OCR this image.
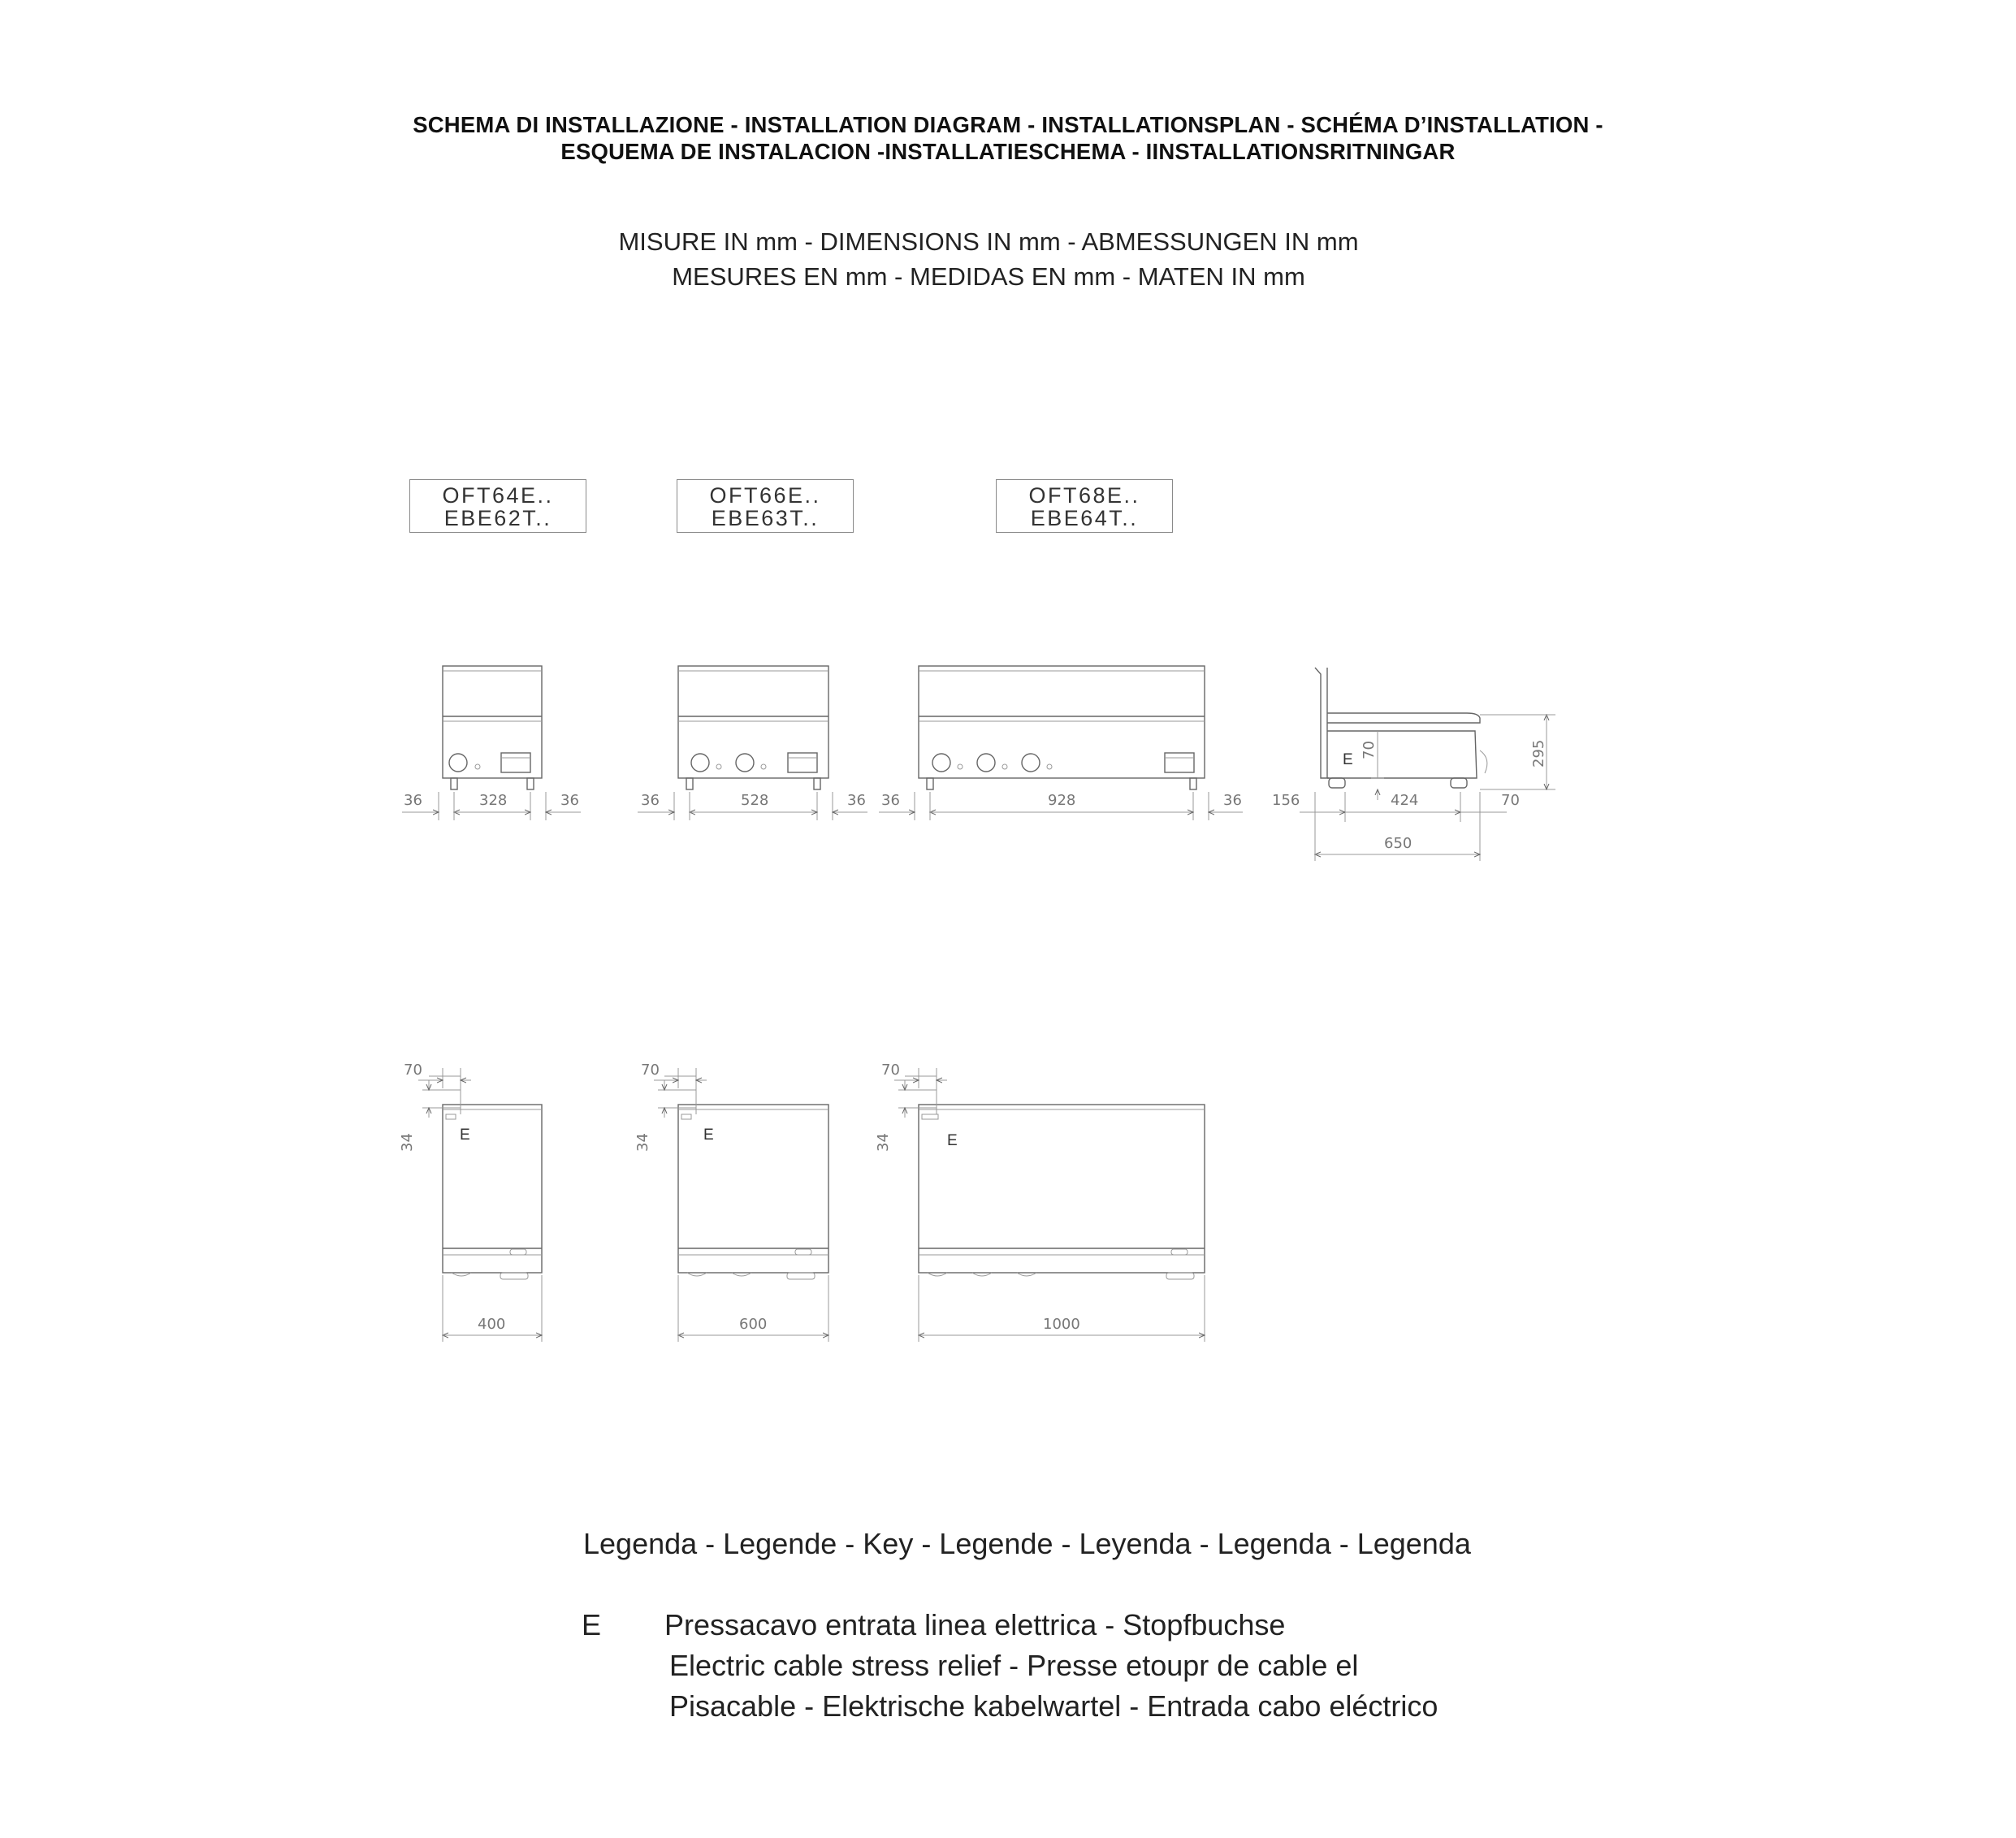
SCHEMA DI INSTALLAZIONE - INSTALLATION DIAGRAM - INSTALLATIONSPLAN - SCHÉMA D’INSTALLATION -
ESQUEMA DE INSTALACION -INSTALLATIESCHEMA - IINSTALLATIONSRITNINGAR
MISURE IN mm - DIMENSIONS IN mm - ABMESSUNGEN IN mm
MESURES EN mm - MEDIDAS EN mm - MATEN IN mm
OFT64E..
EBE62T..
OFT66E..
EBE63T..
OFT68E..
EBE64T..
36	328	36	36	528	36 36	928	36
E
70	295
156	424	70
650
E
70
34
400
E
70
34
600
E
70
34
1000
Legenda - Legende - Key - Legende - Leyenda - Legenda - Legenda
E Pressacavo entrata linea elettrica - Stopfbuchse
Electric cable stress relief - Presse etoupr de cable el
Pisacable - Elektrische kabelwartel - Entrada cabo eléctrico
